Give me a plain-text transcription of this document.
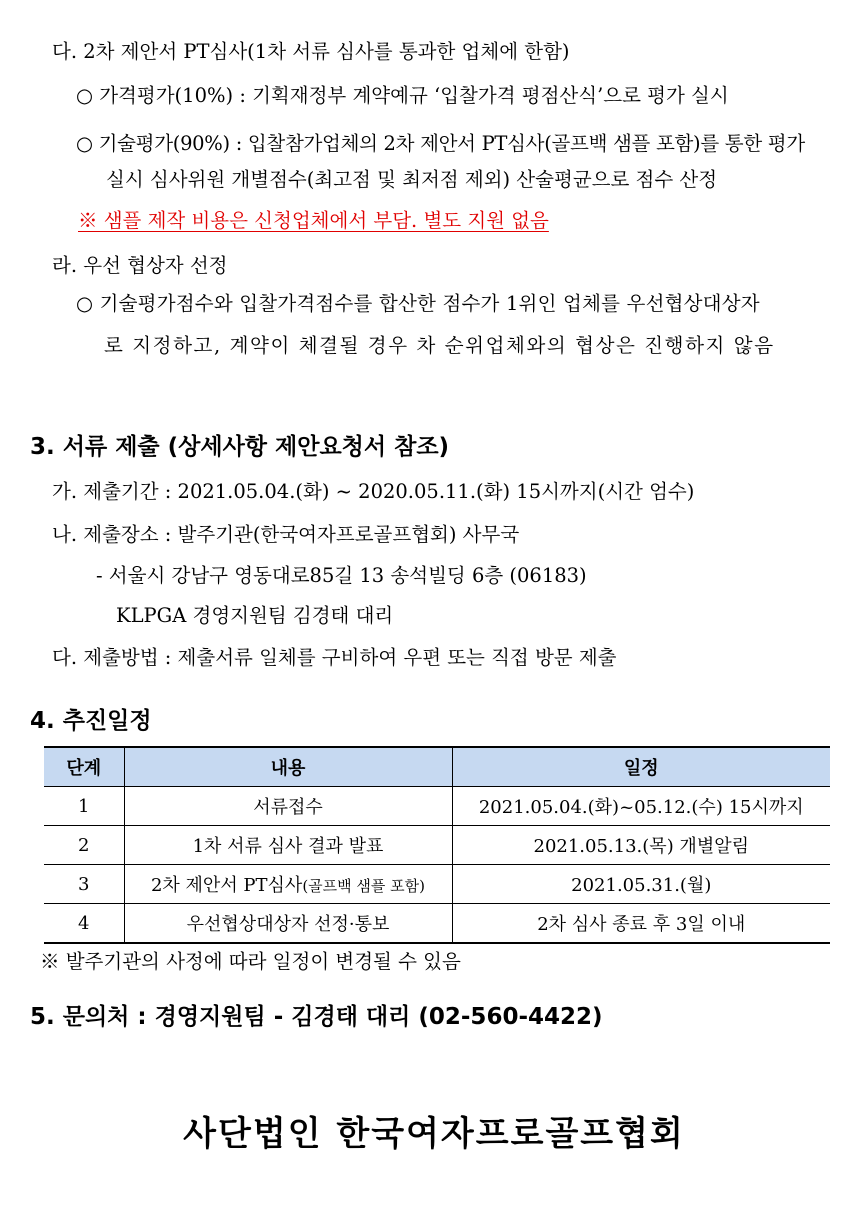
다. 2차 제안서 PT심사(1차 서류 심사를 통과한 업체에 한함)
○ 가격평가(10%) : 기획재정부 계약예규 ‘입찰가격 평점산식’으로 평가 실시
○ 기술평가(90%) : 입찰참가업체의 2차 제안서 PT심사(골프백 샘플 포함)를 통한 평가
실시 심사위원 개별점수(최고점 및 최저점 제외) 산술평균으로 점수 산정
※ 샘플 제작 비용은 신청업체에서 부담. 별도 지원 없음
라. 우선 협상자 선정
○ 기술평가점수와 입찰가격점수를 합산한 점수가 1위인 업체를 우선협상대상자
로 지정하고, 계약이 체결될 경우 차 순위업체와의 협상은 진행하지 않음
3. 서류 제출 (상세사항 제안요청서 참조)
가. 제출기간 : 2021.05.04.(화) ~ 2020.05.11.(화) 15시까지(시간 엄수)
나. 제출장소 : 발주기관(한국여자프로골프협회) 사무국
- 서울시 강남구 영동대로85길 13 송석빌딩 6층 (06183)
KLPGA 경영지원팀 김경태 대리
다. 제출방법 : 제출서류 일체를 구비하여 우편 또는 직접 방문 제출
4. 추진일정
단계	내용	일정
1	서류접수	2021.05.04.(화)~05.12.(수) 15시까지
2	1차 서류 심사 결과 발표	2021.05.13.(목) 개별알림
3	2차 제안서 PT심사(골프백 샘플 포함)	2021.05.31.(월)
4	우선협상대상자 선정·통보	2차 심사 종료 후 3일 이내
※ 발주기관의 사정에 따라 일정이 변경될 수 있음
5. 문의처 : 경영지원팀 - 김경태 대리 (02-560-4422)
사단법인 한국여자프로골프협회
